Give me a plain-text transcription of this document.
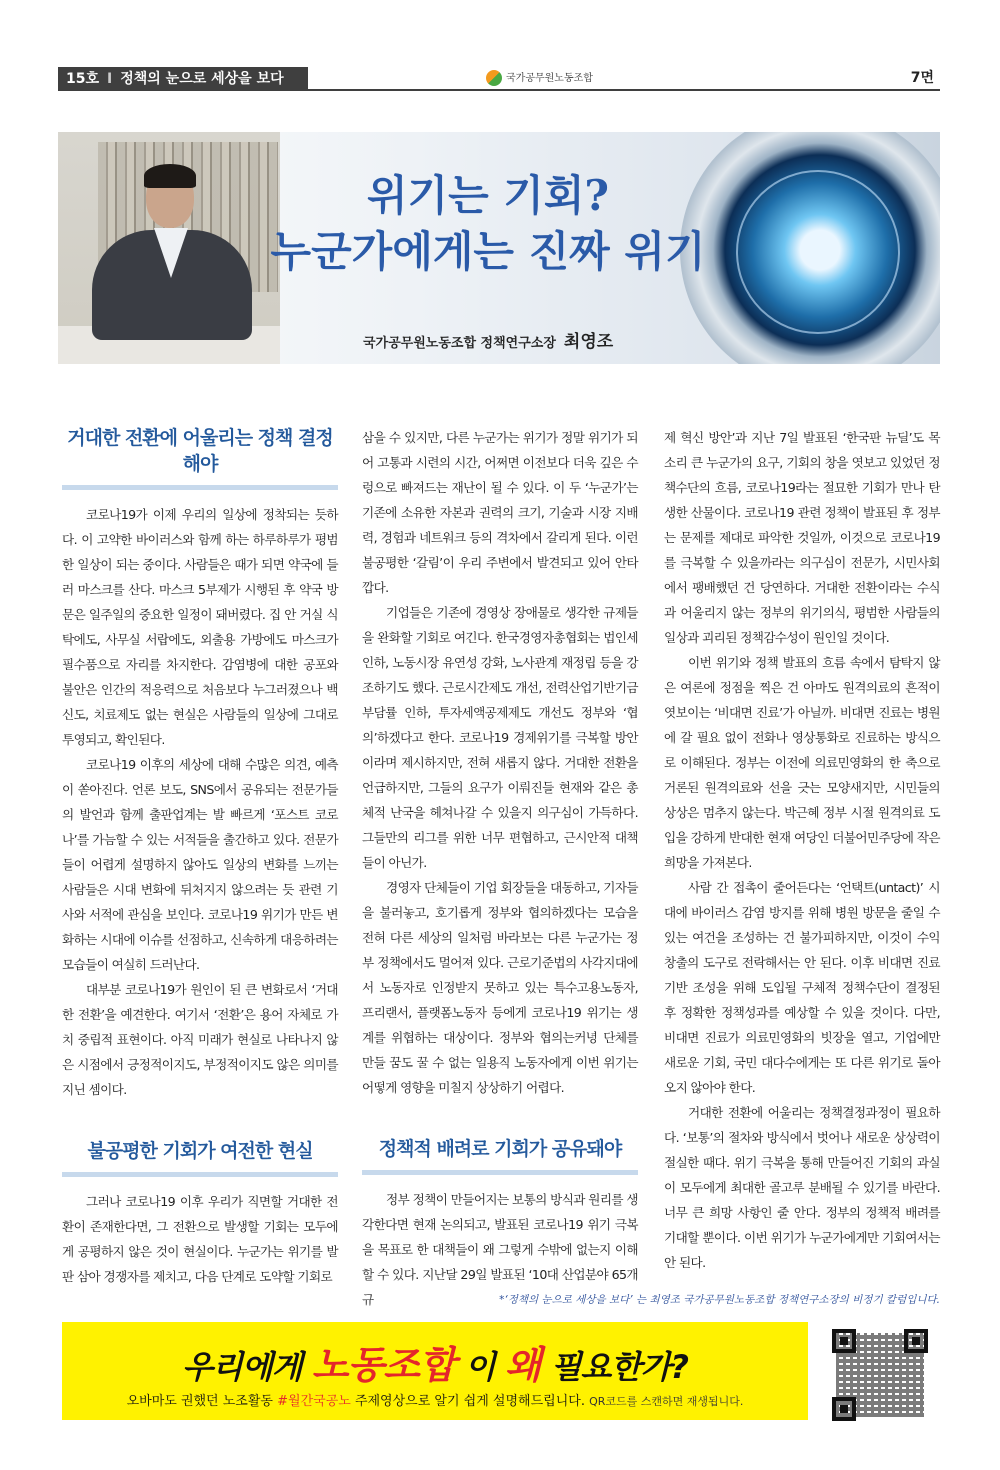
15호 I 정책의 눈으로 세상을 보다	국가공무원노동조합	7면
위기는 기회?
누군가에게는 진짜 위기
국가공무원노동조합 정책연구소장 최영조
거대한 전환에 어울리는 정책 결정해야

코로나19가 이제 우리의 일상에 정착되는 듯하다. 이 고약한 바이러스와 함께 하는 하루하루가 평범한 일상이 되는 중이다. 사람들은 때가 되면 약국에 들러 마스크를 산다. 마스크 5부제가 시행된 후 약국 방문은 일주일의 중요한 일정이 돼버렸다. 집 안 거실 식탁에도, 사무실 서랍에도, 외출용 가방에도 마스크가 필수품으로 자리를 차지한다. 감염병에 대한 공포와 불안은 인간의 적응력으로 처음보다 누그러졌으나 백신도, 치료제도 없는 현실은 사람들의 일상에 그대로 투영되고, 확인된다.

코로나19 이후의 세상에 대해 수많은 의견, 예측이 쏟아진다. 언론 보도, SNS에서 공유되는 전문가들의 발언과 함께 출판업계는 발 빠르게 ‘포스트 코로나’를 가늠할 수 있는 서적들을 출간하고 있다. 전문가들이 어렵게 설명하지 않아도 일상의 변화를 느끼는 사람들은 시대 변화에 뒤처지지 않으려는 듯 관련 기사와 서적에 관심을 보인다. 코로나19 위기가 만든 변화하는 시대에 이슈를 선점하고, 신속하게 대응하려는 모습들이 여실히 드러난다.

대부분 코로나19가 원인이 된 큰 변화로서 ‘거대한 전환’을 예견한다. 여기서 ‘전환’은 용어 자체로 가치 중립적 표현이다. 아직 미래가 현실로 나타나지 않은 시점에서 긍정적이지도, 부정적이지도 않은 의미를 지닌 셈이다.

불공평한 기회가 여전한 현실

그러나 코로나19 이후 우리가 직면할 거대한 전환이 존재한다면, 그 전환으로 발생할 기회는 모두에게 공평하지 않은 것이 현실이다. 누군가는 위기를 발판 삼아 경쟁자를 제치고, 다음 단계로 도약할 기회로

삼을 수 있지만, 다른 누군가는 위기가 정말 위기가 되어 고통과 시련의 시간, 어쩌면 이전보다 더욱 깊은 수렁으로 빠져드는 재난이 될 수 있다. 이 두 ‘누군가’는 기존에 소유한 자본과 권력의 크기, 기술과 시장 지배력, 경험과 네트워크 등의 격차에서 갈리게 된다. 이런 불공평한 ‘갈림’이 우리 주변에서 발견되고 있어 안타깝다.

기업들은 기존에 경영상 장애물로 생각한 규제들을 완화할 기회로 여긴다. 한국경영자총협회는 법인세 인하, 노동시장 유연성 강화, 노사관계 재정립 등을 강조하기도 했다. 근로시간제도 개선, 전력산업기반기금 부담률 인하, 투자세액공제제도 개선도 정부와 ‘협의’하겠다고 한다. 코로나19 경제위기를 극복할 방안이라며 제시하지만, 전혀 새롭지 않다. 거대한 전환을 언급하지만, 그들의 요구가 이뤄진들 현재와 같은 총체적 난국을 헤쳐나갈 수 있을지 의구심이 가득하다. 그들만의 리그를 위한 너무 편협하고, 근시안적 대책들이 아닌가.

경영자 단체들이 기업 회장들을 대동하고, 기자들을 불러놓고, 호기롭게 정부와 협의하겠다는 모습을 전혀 다른 세상의 일처럼 바라보는 다른 누군가는 정부 정책에서도 멀어져 있다. 근로기준법의 사각지대에서 노동자로 인정받지 못하고 있는 특수고용노동자, 프리랜서, 플랫폼노동자 등에게 코로나19 위기는 생계를 위협하는 대상이다. 정부와 협의는커녕 단체를 만들 꿈도 꿀 수 없는 일용직 노동자에게 이번 위기는 어떻게 영향을 미칠지 상상하기 어렵다.

정책적 배려로 기회가 공유돼야

정부 정책이 만들어지는 보통의 방식과 원리를 생각한다면 현재 논의되고, 발표된 코로나19 위기 극복을 목표로 한 대책들이 왜 그렇게 수밖에 없는지 이해할 수 있다. 지난달 29일 발표된 ‘10대 산업분야 65개 규

제 혁신 방안’과 지난 7일 발표된 ‘한국판 뉴딜’도 목소리 큰 누군가의 요구, 기회의 창을 엿보고 있었던 정책수단의 흐름, 코로나19라는 절묘한 기회가 만나 탄생한 산물이다. 코로나19 관련 정책이 발표된 후 정부는 문제를 제대로 파악한 것일까, 이것으로 코로나19를 극복할 수 있을까라는 의구심이 전문가, 시민사회에서 팽배했던 건 당연하다. 거대한 전환이라는 수식과 어울리지 않는 정부의 위기의식, 평범한 사람들의 일상과 괴리된 정책감수성이 원인일 것이다.

이번 위기와 정책 발표의 흐름 속에서 탐탁지 않은 여론에 정점을 찍은 건 아마도 원격의료의 흔적이 엿보이는 ‘비대면 진료’가 아닐까. 비대면 진료는 병원에 갈 필요 없이 전화나 영상통화로 진료하는 방식으로 이해된다. 정부는 이전에 의료민영화의 한 축으로 거론된 원격의료와 선을 긋는 모양새지만, 시민들의 상상은 멈추지 않는다. 박근혜 정부 시절 원격의료 도입을 강하게 반대한 현재 여당인 더불어민주당에 작은 희망을 가져본다.

사람 간 접촉이 줄어든다는 ‘언택트(untact)’ 시대에 바이러스 감염 방지를 위해 병원 방문을 줄일 수 있는 여건을 조성하는 건 불가피하지만, 이것이 수익 창출의 도구로 전락해서는 안 된다. 이후 비대면 진료 기반 조성을 위해 도입될 구체적 정책수단이 결정된 후 정확한 정책성과를 예상할 수 있을 것이다. 다만, 비대면 진료가 의료민영화의 빗장을 열고, 기업에만 새로운 기회, 국민 대다수에게는 또 다른 위기로 돌아오지 않아야 한다.

거대한 전환에 어울리는 정책결정과정이 필요하다. ‘보통’의 절차와 방식에서 벗어나 새로운 상상력이 절실한 때다. 위기 극복을 통해 만들어진 기회의 과실이 모두에게 최대한 골고루 분배될 수 있기를 바란다. 너무 큰 희망 사항인 줄 안다. 정부의 정책적 배려를 기대할 뿐이다. 이번 위기가 누군가에게만 기회여서는 안 된다.

*‘정책의 눈으로 세상을 보다’ 는 최영조 국가공무원노동조합 정책연구소장의 비정기 칼럼입니다.
우리에게 노동조합 이 왜 필요한가?
오바마도 권했던 노조활동 #월간국공노 주제영상으로 알기 쉽게 설명해드립니다. QR코드를 스캔하면 재생됩니다.
